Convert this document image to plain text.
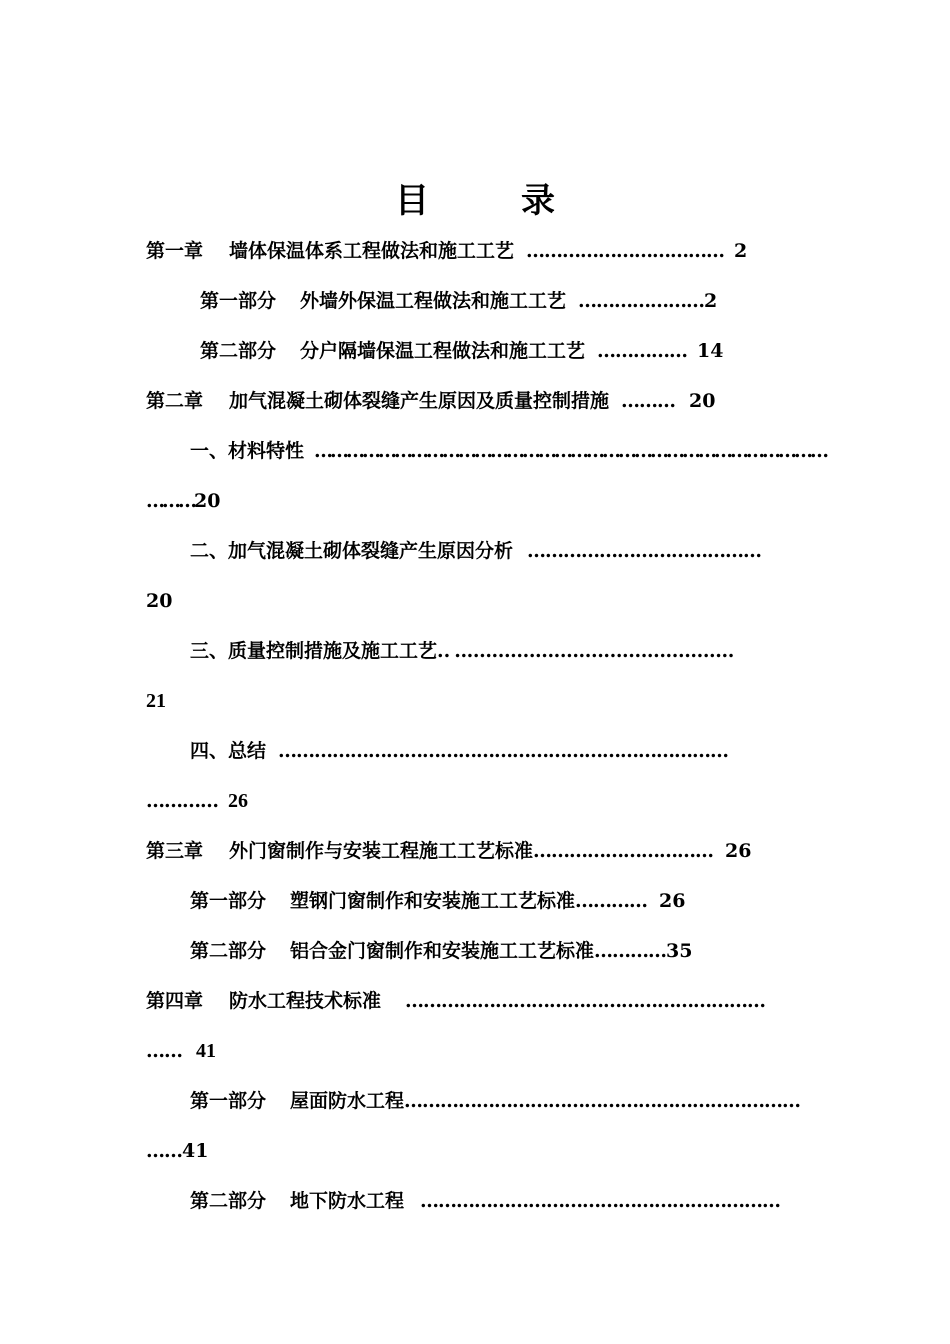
目	录
第一章 墙体保温体系工程做法和施工工艺 …………………………… 2
第一部分 外墙外保温工程做法和施工工艺 …………………2
第二部分 分户隔墙保温工程做法和施工工艺 …………… 14
第二章 加气混凝土砌体裂缝产生原因及质量控制措施 ……… 20
一、材料特性 ……………………………………………………………………………………
………20
二、加气混凝土砌体裂缝产生原因分析 …………………………………
20
三、质量控制措施及施工工艺.. .............................................
21
四、总结 …………………………………………………………………
………… 26
第三章 外门窗制作与安装工程施工工艺标准………………………… 26
第一部分 塑钢门窗制作和安装施工工艺标准………… 26
第二部分 铝合金门窗制作和安装施工工艺标准…………35
第四章 防水工程技术标准 ……………………………………………………
…… 41
第一部分 屋面防水工程…………………………………………………………
……41
第二部分 地下防水工程 ……………………………………………………
